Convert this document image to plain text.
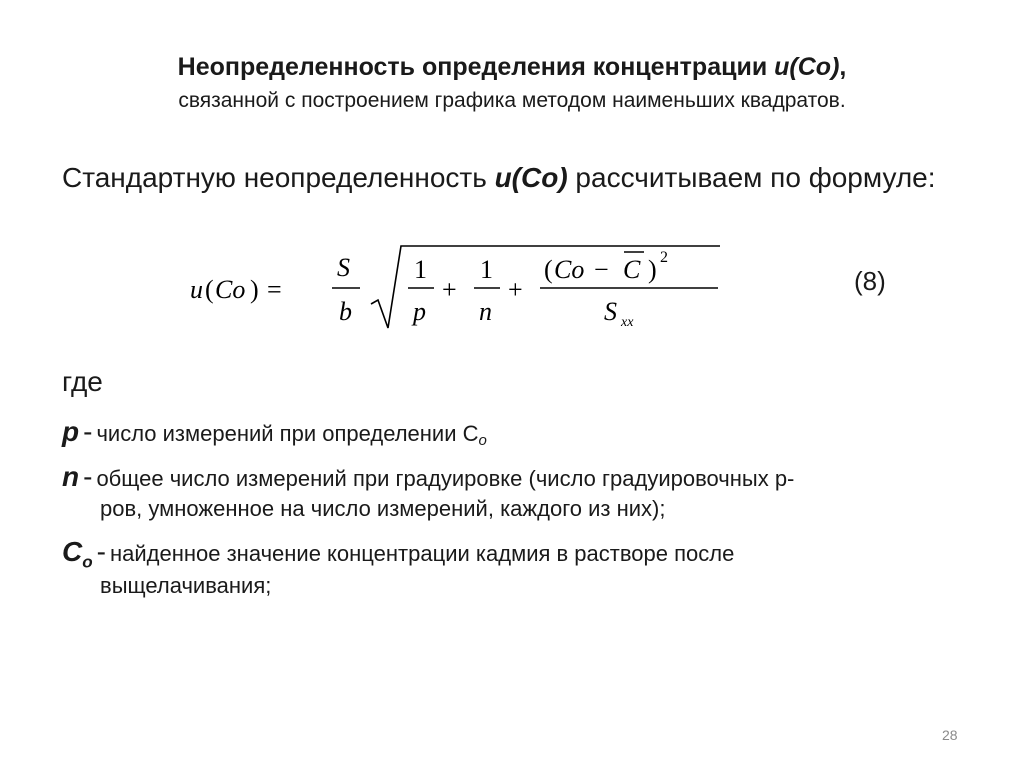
Неопределенность определения концентрации u(Co),
связанной с построением графика методом наименьших квадратов.
Стандартную неопределенность u(Co) рассчитываем по формуле:
u ( Co ) =
S
b
1
p
+
1
n
+
( Co − C ) 2
S xx
(8)
где
p - число измерений при определении $С_о$
n - общее число измерений при градуировке (число градуировочных р-
ров, умноженное на число измерений, каждого из них);
$С_о$ - найденное значение концентрации кадмия в растворе после
выщелачивания;
28
